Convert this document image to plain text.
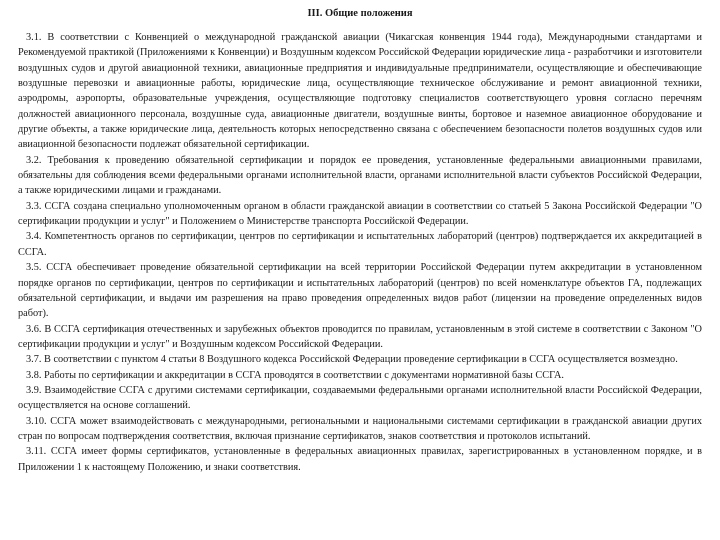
III. Общие положения

3.1. В соответствии с Конвенцией о международной гражданской авиации (Чикагская конвенция 1944 года), Международными стандартами и Рекомендуемой практикой (Приложениями к Конвенции) и Воздушным кодексом Российской Федерации юридические лица - разработчики и изготовители воздушных судов и другой авиационной техники, авиационные предприятия и индивидуальные предприниматели, осуществляющие и обеспечивающие воздушные перевозки и авиационные работы, юридические лица, осуществляющие техническое обслуживание и ремонт авиационной техники, аэродромы, аэропорты, образовательные учреждения, осуществляющие подготовку специалистов соответствующего уровня согласно перечням должностей авиационного персонала, воздушные суда, авиационные двигатели, воздушные винты, бортовое и наземное авиационное оборудование и другие объекты, а также юридические лица, деятельность которых непосредственно связана с обеспечением безопасности полетов воздушных судов или авиационной безопасности подлежат обязательной сертификации.

3.2. Требования к проведению обязательной сертификации и порядок ее проведения, установленные федеральными авиационными правилами, обязательны для соблюдения всеми федеральными органами исполнительной власти, органами исполнительной власти субъектов Российской Федерации, а также юридическими лицами и гражданами.

3.3. ССГА создана специально уполномоченным органом в области гражданской авиации в соответствии со статьей 5 Закона Российской Федерации "О сертификации продукции и услуг" и Положением о Министерстве транспорта Российской Федерации.

3.4. Компетентность органов по сертификации, центров по сертификации и испытательных лабораторий (центров) подтверждается их аккредитацией в ССГА.

3.5. ССГА обеспечивает проведение обязательной сертификации на всей территории Российской Федерации путем аккредитации в установленном порядке органов по сертификации, центров по сертификации и испытательных лабораторий (центров) по всей номенклатуре объектов ГА, подлежащих обязательной сертификации, и выдачи им разрешения на право проведения определенных видов работ (лицензии на проведение определенных видов работ).

3.6. В ССГА сертификация отечественных и зарубежных объектов проводится по правилам, установленным в этой системе в соответствии с Законом "О сертификации продукции и услуг" и Воздушным кодексом Российской Федерации.

3.7. В соответствии с пунктом 4 статьи 8 Воздушного кодекса Российской Федерации проведение сертификации в ССГА осуществляется возмездно.

3.8. Работы по сертификации и аккредитации в ССГА проводятся в соответствии с документами нормативной базы ССГА.

3.9. Взаимодействие ССГА с другими системами сертификации, создаваемыми федеральными органами исполнительной власти Российской Федерации, осуществляется на основе соглашений.

3.10. ССГА может взаимодействовать с международными, региональными и национальными системами сертификации в гражданской авиации других стран по вопросам подтверждения соответствия, включая признание сертификатов, знаков соответствия и протоколов испытаний.

3.11. ССГА имеет формы сертификатов, установленные в федеральных авиационных правилах, зарегистрированных в установленном порядке, и в Приложении 1 к настоящему Положению, и знаки соответствия.
